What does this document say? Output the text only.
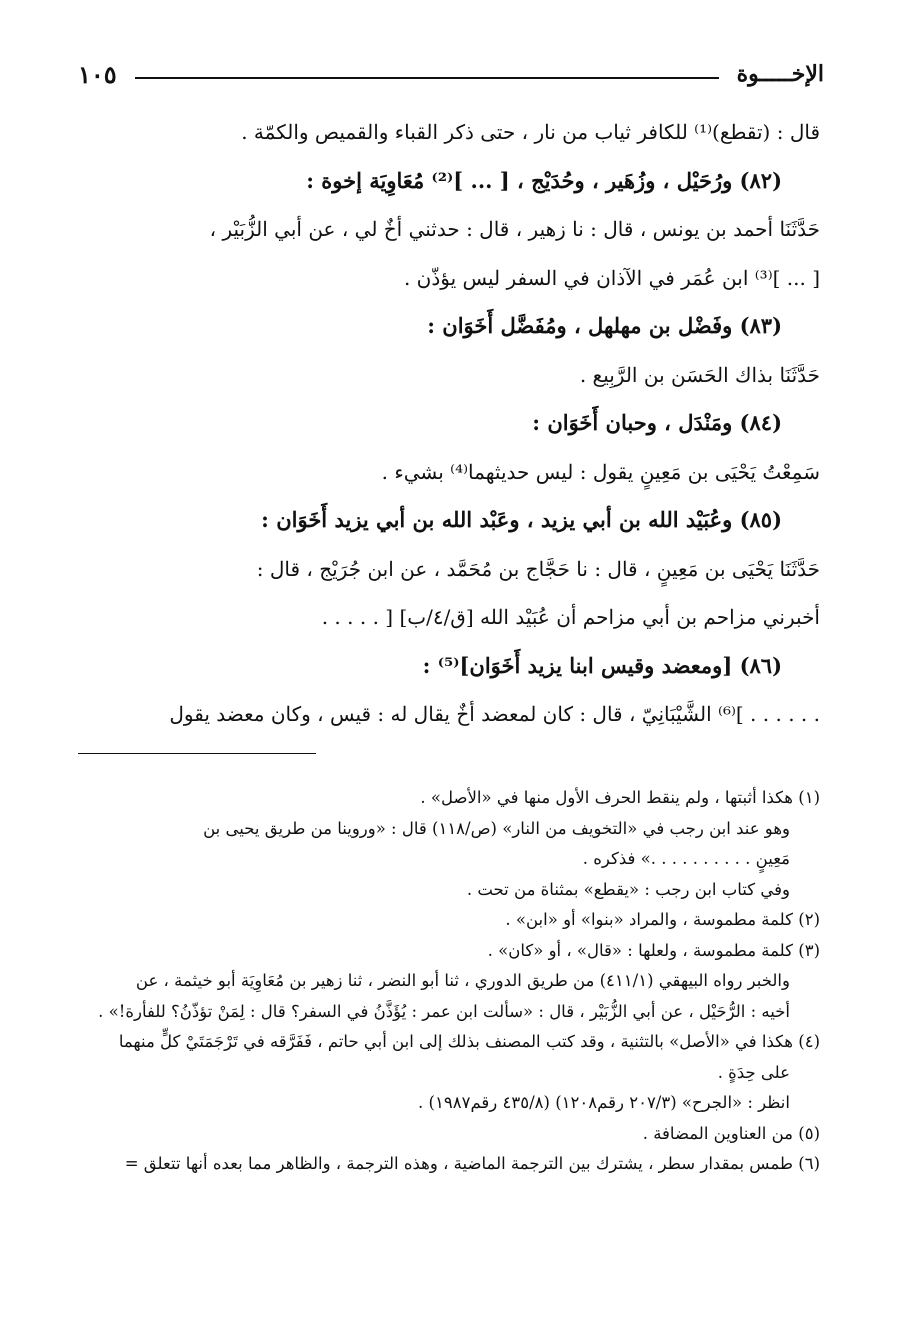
الإخـــــوة
١٠٥
قال : (تقطع)⁽¹⁾ للكافر ثياب من نار ، حتى ذكر القباء والقميص والكمّة .
(٨٢) ورُحَيْل ، وزُهَير ، وحُدَيْج ، [ ... ]⁽²⁾ مُعَاوِيَة إخوة :
حَدَّثَنَا أحمد بن يونس ، قال : نا زهير ، قال : حدثني أخٌ لي ، عن أبي الزُّبَيْر ،
[ ... ]⁽³⁾ ابن عُمَر في الآذان في السفر ليس يؤذّن .
(٨٣) وفَضْل بن مهلهل ، ومُفَضَّل أَخَوَان :
حَدَّثَنَا بذاك الحَسَن بن الرَّبِيع .
(٨٤) ومَنْدَل ، وحبان أَخَوَان :
سَمِعْتُ يَحْيَى بن مَعِينٍ يقول : ليس حديثهما⁽⁴⁾ بشيء .
(٨٥) وعُبَيْد الله بن أبي يزيد ، وعَبْد الله بن أبي يزيد أَخَوَان :
حَدَّثَنَا يَحْيَى بن مَعِينٍ ، قال : نا حَجَّاج بن مُحَمَّد ، عن ابن جُرَيْج ، قال :
أخبرني مزاحم بن أبي مزاحم أن عُبَيْد الله [ق/٤/ب] [ . . . . .
(٨٦) [ومعضد وقيس ابنا يزيد أَخَوَان]⁽⁵⁾ :
. . . . . . ]⁽⁶⁾ الشَّيْبَانِيّ ، قال : كان لمعضد أخٌ يقال له : قيس ، وكان معضد يقول
(١) هكذا أثبتها ، ولم ينقط الحرف الأول منها في «الأصل» .
وهو عند ابن رجب في «التخويف من النار» (ص/١١٨) قال : «وروينا من طريق يحيى بن
مَعِينٍ . . . . . . . . . .» فذكره .
وفي كتاب ابن رجب : «يقطع» بمثناة من تحت .
(٢) كلمة مطموسة ، والمراد «بنوا» أو «ابن» .
(٣) كلمة مطموسة ، ولعلها : «قال» ، أو «كان» .
والخبر رواه البيهقي (٤١١/١) من طريق الدوري ، ثنا أبو النضر ، ثنا زهير بن مُعَاوِيَة أبو خيثمة ، عن
أخيه : الرُّحَيْل ، عن أبي الزُّبَيْر ، قال : «سألت ابن عمر : يُؤَذَّنُ في السفر؟ قال : لِمَنْ تؤذّنُ؟ للفأرة!» .
(٤) هكذا في «الأصل» بالتثنية ، وقد كتب المصنف بذلك إلى ابن أبي حاتم ، فَفَرَّقه في تَرْجَمَتَيْ كلٍّ منهما
على حِدَةٍ .
انظر : «الجرح» (٢٠٧/٣ رقم١٢٠٨) (٤٣٥/٨ رقم١٩٨٧) .
(٥) من العناوين المضافة .
(٦) طمس بمقدار سطر ، يشترك بين الترجمة الماضية ، وهذه الترجمة ، والظاهر مما بعده أنها تتعلق =
